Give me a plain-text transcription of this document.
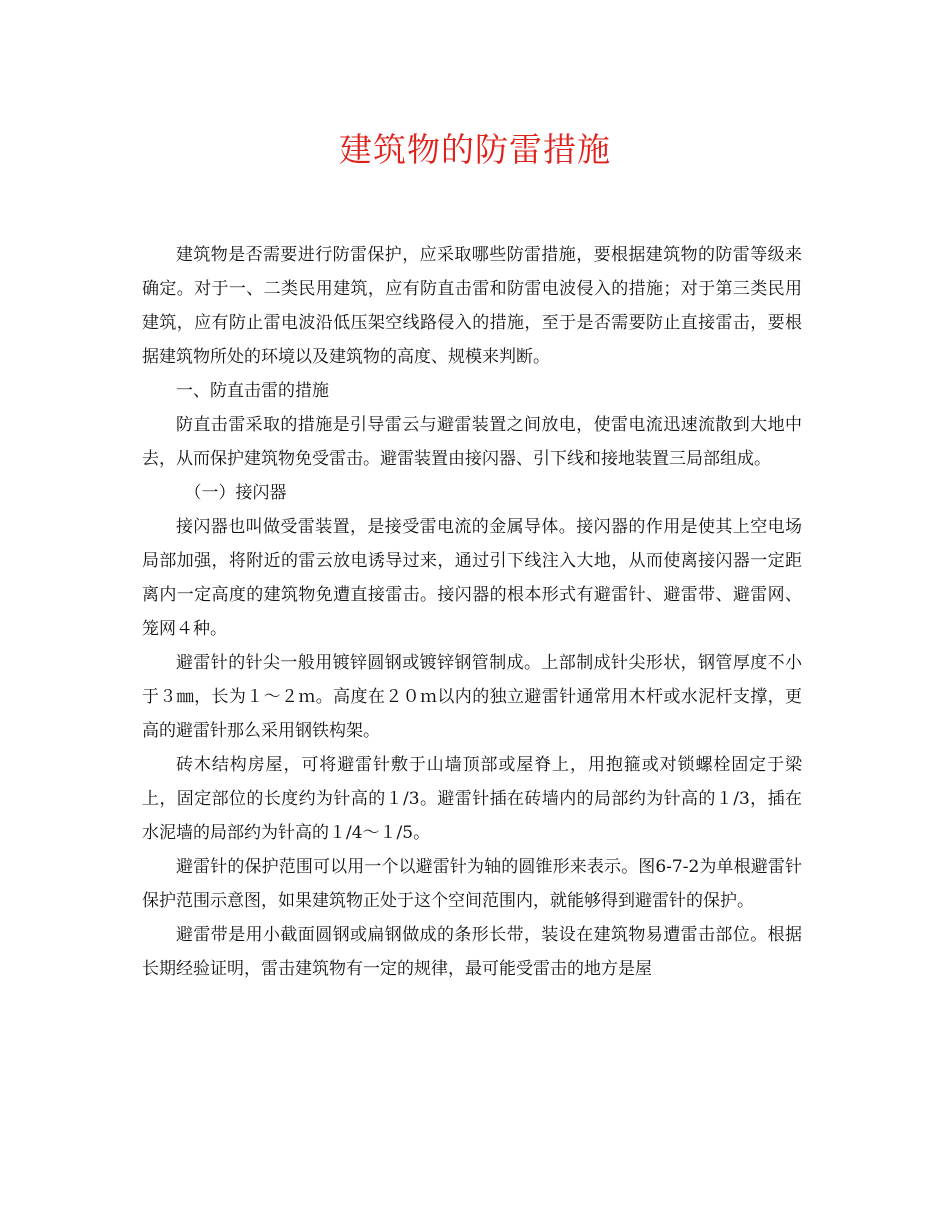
建筑物的防雷措施

建筑物是否需要进行防雷保护，应采取哪些防雷措施，要根据建筑物的防雷等级来确定。对于一、二类民用建筑，应有防直击雷和防雷电波侵入的措施；对于第三类民用建筑，应有防止雷电波沿低压架空线路侵入的措施，至于是否需要防止直接雷击，要根据建筑物所处的环境以及建筑物的高度、规模来判断。

一、防直击雷的措施

防直击雷采取的措施是引导雷云与避雷装置之间放电，使雷电流迅速流散到大地中去，从而保护建筑物免受雷击。避雷装置由接闪器、引下线和接地装置三局部组成。

（一）接闪器

接闪器也叫做受雷装置，是接受雷电流的金属导体。接闪器的作用是使其上空电场局部加强，将附近的雷云放电诱导过来，通过引下线注入大地，从而使离接闪器一定距离内一定高度的建筑物免遭直接雷击。接闪器的根本形式有避雷针、避雷带、避雷网、笼网４种。

避雷针的针尖一般用镀锌圆钢或镀锌钢管制成。上部制成针尖形状，钢管厚度不小于３㎜，长为１～２ｍ。高度在２０ｍ以内的独立避雷针通常用木杆或水泥杆支撑，更高的避雷针那么采用钢铁构架。

砖木结构房屋，可将避雷针敷于山墙顶部或屋脊上，用抱箍或对锁螺栓固定于梁上，固定部位的长度约为针高的１/3。避雷针插在砖墙内的局部约为针高的１/3，插在水泥墙的局部约为针高的１/4～１/5。

避雷针的保护范围可以用一个以避雷针为轴的圆锥形来表示。图6-7-2为单根避雷针保护范围示意图，如果建筑物正处于这个空间范围内，就能够得到避雷针的保护。

避雷带是用小截面圆钢或扁钢做成的条形长带，装设在建筑物易遭雷击部位。根据长期经验证明，雷击建筑物有一定的规律，最可能受雷击的地方是屋
